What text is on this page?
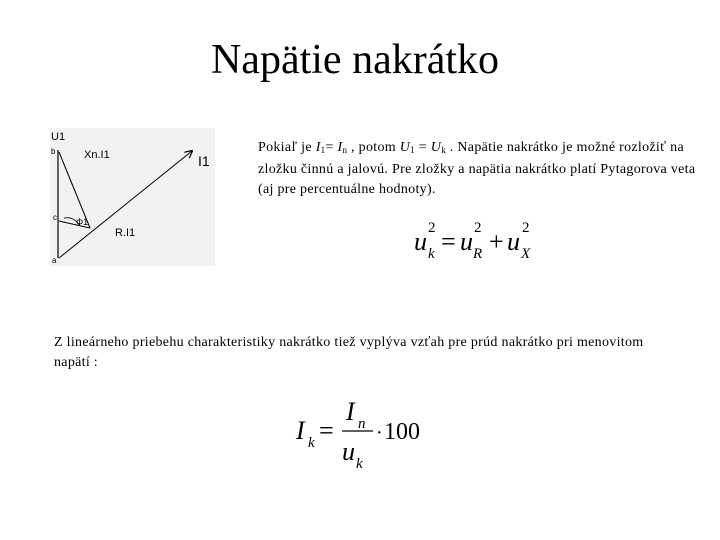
Napätie nakrátko
U1
b	Xn.I1	I1
c Φ1
R.I1
a
Pokiaľ je $I_1= I_n$ , potom $U_1 = U_k$ . Napätie nakrátko je možné rozložiť na zložku činnú a jalovú. Pre zložky a napätia nakrátko platí Pytagorova veta (aj pre percentuálne hodnoty).
u 2
k = u 2
R + u 2
X
Z lineárneho priebehu charakteristiky nakrátko tiež vyplýva vzťah pre prúd nakrátko pri menovitom napätí :
I k =
I n
u k
· 100
